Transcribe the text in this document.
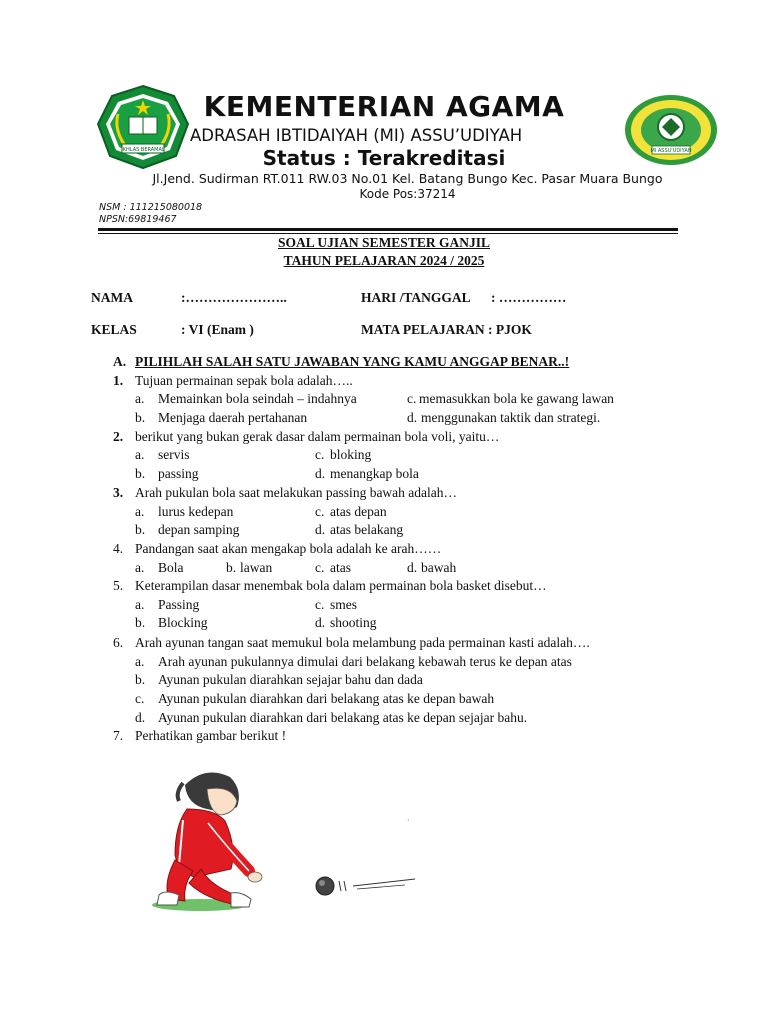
IKHLAS BERAMAL	MI ASSU'UDIYAH
KEMENTERIAN AGAMA
ADRASAH IBTIDAIYAH (MI) ASSU’UDIYAH
Status : Terakreditasi
Jl.Jend. Sudirman RT.011 RW.03 No.01 Kel. Batang Bungo Kec. Pasar Muara Bungo
Kode Pos:37214
NSM : 111215080018
NPSN:69819467
SOAL UJIAN SEMESTER GANJIL
TAHUN PELAJARAN 2024 / 2025
NAMA	:…………………..	HARI /TANGGAL : ……………
KELAS	: VI (Enam )	MATA PELAJARAN : PJOK
A. PILIHLAH SALAH SATU JAWABAN YANG KAMU ANGGAP BENAR..!
1. Tujuan permainan sepak bola adalah…..
a. Memainkan bola seindah – indahnya
b. Menjaga daerah pertahanan
c. memasukkan bola ke gawang lawan
d. menggunakan taktik dan strategi.
2. berikut yang bukan gerak dasar dalam permainan bola voli, yaitu…
a. servis
b. passing
c. bloking
d. menangkap bola
3. Arah pukulan bola saat melakukan passing bawah adalah…
a. lurus kedepan
b. depan samping
c. atas depan
d. atas belakang
4. Pandangan saat akan mengakap bola adalah ke arah……
a. Bola	b. lawan	c. atas	d. bawah
5. Keterampilan dasar menembak bola dalam permainan bola basket disebut…
a. Passing
b. Blocking
c. smes
d. shooting
6. Arah ayunan tangan saat memukul bola melambung pada permainan kasti adalah….
a. Arah ayunan pukulannya dimulai dari belakang kebawah terus ke depan atas
b. Ayunan pukulan diarahkan sejajar bahu dan dada
c. Ayunan pukulan diarahkan dari belakang atas ke depan bawah
d. Ayunan pukulan diarahkan dari belakang atas ke depan sejajar bahu.
7. Perhatikan gambar berikut !
·
